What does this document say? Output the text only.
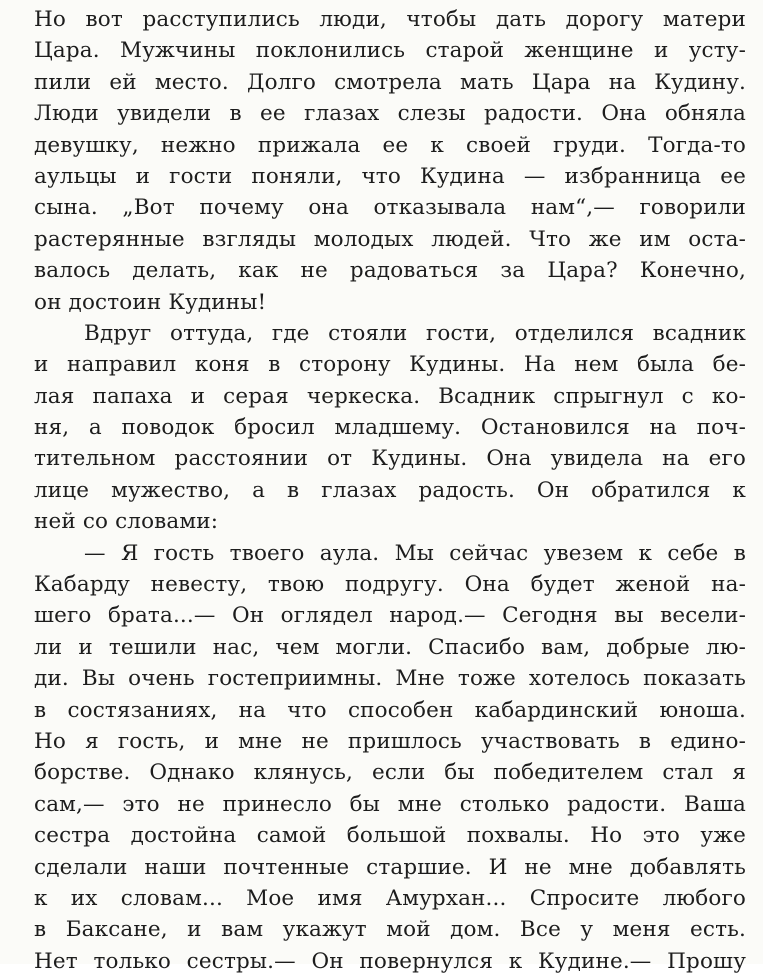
Но вот расступились люди, чтобы дать дорогу матери
Цара. Мужчины поклонились старой женщине и усту-
пили ей место. Долго смотрела мать Цара на Кудину.
Люди увидели в ее глазах слезы радости. Она обняла
девушку, нежно прижала ее к своей груди. Тогда-то
аульцы и гости поняли, что Кудина — избранница ее
сына. „Вот почему она отказывала нам“,— говорили
растерянные взгляды молодых людей. Что же им оста-
валось делать, как не радоваться за Цара? Конечно,
он достоин Кудины!
Вдруг оттуда, где стояли гости, отделился всадник
и направил коня в сторону Кудины. На нем была бе-
лая папаха и серая черкеска. Всадник спрыгнул с ко-
ня, а поводок бросил младшему. Остановился на поч-
тительном расстоянии от Кудины. Она увидела на его
лице мужество, а в глазах радость. Он обратился к
ней со словами:
— Я гость твоего аула. Мы сейчас увезем к себе в
Кабарду невесту, твою подругу. Она будет женой на-
шего брата...— Он оглядел народ.— Сегодня вы весели-
ли и тешили нас, чем могли. Спасибо вам, добрые лю-
ди. Вы очень гостеприимны. Мне тоже хотелось показать
в состязаниях, на что способен кабардинский юноша.
Но я гость, и мне не пришлось участвовать в едино-
борстве. Однако клянусь, если бы победителем стал я
сам,— это не принесло бы мне столько радости. Ваша
сестра достойна самой большой похвалы. Но это уже
сделали наши почтенные старшие. И не мне добавлять
к их словам... Мое имя Амурхан... Спросите любого
в Баксане, и вам укажут мой дом. Все у меня есть.
Нет только сестры.— Он повернулся к Кудине.— Прошу
